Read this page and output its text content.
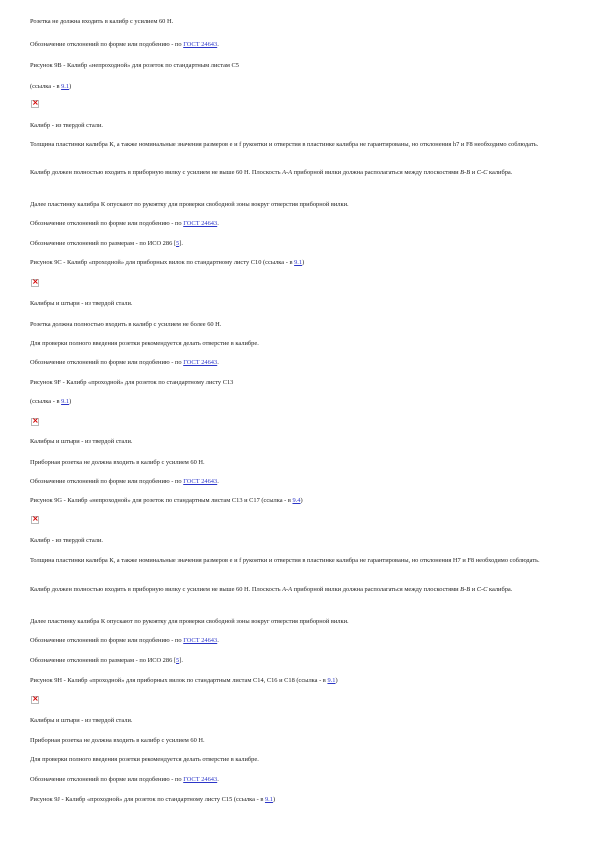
Розетка не должна входить в калибр с усилием 60 Н.
Обозначение отклонений по форме или подобению - по ГОСТ 24643.
Рисунок 9В - Калибр «непроходной» для розеток по стандартным листам С5
(ссылка - в 9.1)
×
Калибр - из твердой стали.
Толщина пластинки калибра К, а также номинальные значения размеров e и f рукоятки и отверстия в пластинке калибра не гарантированы, но отклонения h7 и F8 необходимо соблюдать.
Калибр должен полностью входить в приборную вилку с усилием не выше 60 Н. Плоскость A-A приборной вилки должна располагаться между плоскостями B-B и C-C калибра.
Далее пластинку калибра К опускают по рукоятку для проверки свободной зоны вокруг отверстия приборной вилки.
Обозначение отклонений по форме или подобению - по ГОСТ 24643.
Обозначение отклонений по размерам - по ИСО 286 [5].
Рисунок 9С - Калибр «проходной» для приборных вилок по стандартному листу С10 (ссылка - в 9.1)
×
Калибры и штыри - из твердой стали.
Розетка должна полностью входить в калибр с усилием не более 60 Н.
Для проверки полного введения розетки рекомендуется делать отверстие в калибре.
Обозначение отклонений по форме или подобению - по ГОСТ 24643.
Рисунок 9F - Калибр «проходной» для розеток по стандартному листу С13
(ссылка - в 9.1)
×
Калибры и штыри - из твердой стали.
Приборная розетка не должна входить в калибр с усилием 60 Н.
Обозначение отклонений по форме или подобению - по ГОСТ 24643.
Рисунок 9G - Калибр «непроходной» для розеток по стандартным листам С13 и С17 (ссылка - в 9.4)
×
Калибр - из твердой стали.
Толщина пластинки калибра К, а также номинальные значения размеров e и f рукоятки и отверстия в пластинке калибра не гарантированы, но отклонения H7 и F8 необходимо соблюдать.
Калибр должен полностью входить в приборную вилку с усилием не выше 60 Н. Плоскость A-A приборной вилки должна располагаться между плоскостями B-B и C-C калибра.
Далее пластинку калибра К опускают по рукоятку для проверки свободной зоны вокруг отверстия приборной вилки.
Обозначение отклонений по форме или подобению - по ГОСТ 24643.
Обозначение отклонений по размерам - по ИСО 286 [5].
Рисунок 9Н - Калибр «проходной» для приборных вилок по стандартным листам С14, С16 и С18 (ссылка - в 9.1)
×
Калибры и штыри - из твердой стали.
Приборная розетка не должна входить в калибр с усилием 60 Н.
Для проверки полного введения розетки рекомендуется делать отверстие в калибре.
Обозначение отклонений по форме или подобению - по ГОСТ 24643.
Рисунок 9J - Калибр «проходной» для розеток по стандартному листу С15 (ссылка - в 9.1)
